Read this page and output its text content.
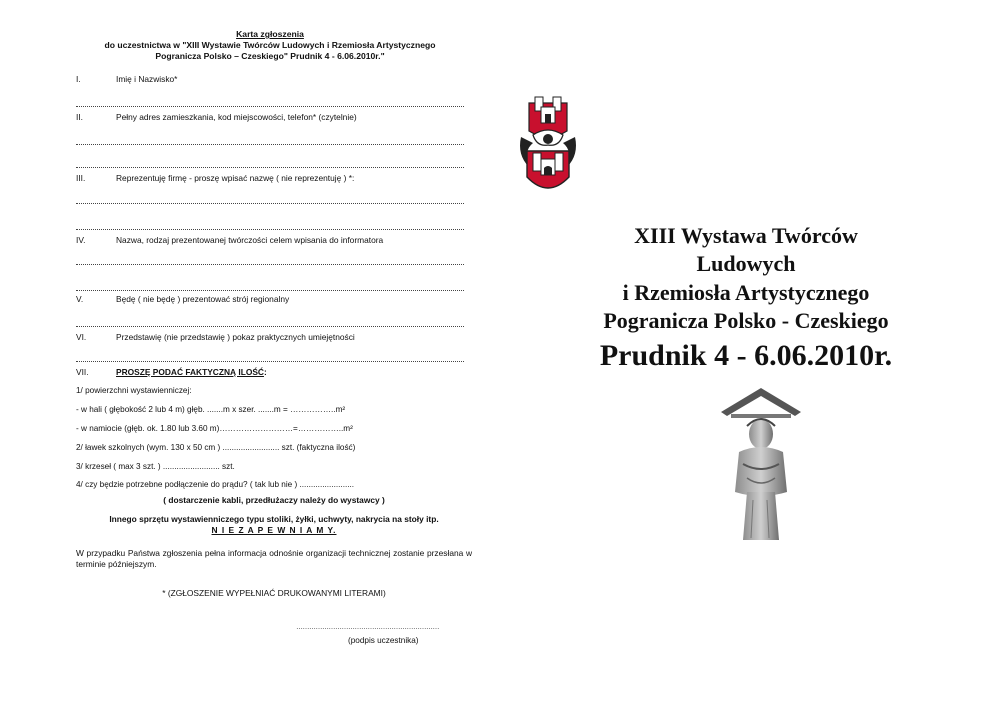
Karta zgłoszenia
do uczestnictwa w "XIII Wystawie Twórców Ludowych i Rzemiosła Artystycznego
Pogranicza Polsko – Czeskiego" Prudnik 4 - 6.06.2010r."
I.	Imię i Nazwisko*
II.	Pełny adres zamieszkania, kod miejscowości, telefon* (czytelnie)
III.	Reprezentuję firmę - proszę wpisać nazwę ( nie reprezentuję ) *:
IV.	Nazwa, rodzaj prezentowanej twórczości celem wpisania do informatora
V.	Będę ( nie będę ) prezentować strój regionalny
VI.	Przedstawię (nie przedstawię ) pokaz praktycznych umiejętności
VII.	PROSZĘ PODAĆ FAKTYCZNĄ ILOŚĆ:
1/ powierzchni wystawienniczej:
- w hali ( głębokość 2 lub 4 m) głęb. .......m x szer. .......m = ……………..m²
- w namiocie (głęb. ok. 1.80 lub 3.60 m)………………………=……………..m²
2/ ławek szkolnych (wym. 130 x 50 cm ) ......................... szt. (faktyczna ilość)
3/ krzeseł ( max 3 szt. ) ......................... szt.
4/ czy będzie potrzebne podłączenie do prądu? ( tak lub nie ) ........................
( dostarczenie kabli, przedłużaczy należy do wystawcy )
Innego sprzętu wystawienniczego typu stoliki, żyłki, uchwyty, nakrycia na stoły itp.
N I E Z A P E W N I A M Y.
W przypadku Państwa zgłoszenia pełna informacja odnośnie organizacji technicznej zostanie przesłana w terminie późniejszym.
* (ZGŁOSZENIE WYPEŁNIAĆ DRUKOWANYMI LITERAMI)
…………………………………………………………
(podpis uczestnika)
XIII Wystawa Twórców
Ludowych
i Rzemiosła Artystycznego
Pogranicza Polsko - Czeskiego
Prudnik 4 - 6.06.2010r.
